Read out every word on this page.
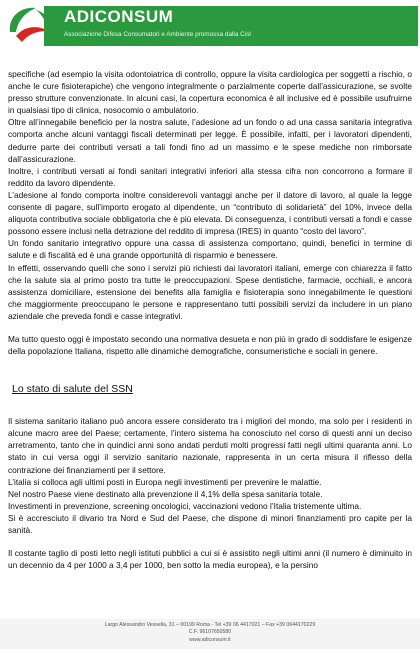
ADICONSUM
Associazione Difesa Consumatori e Ambiente promossa dalla Cisl

specifiche (ad esempio la visita odontoiatrica di controllo, oppure la visita cardiologica per soggetti a rischio, o anche le cure fisioterapiche) che vengono integralmente o parzialmente coperte dall’assicurazione, se svolte presso strutture convenzionate. In alcuni casi, la copertura economica è all inclusive ed è possibile usufruirne in qualsiasi tipo di clinica, nosocomio o ambulatorio.

Oltre all’innegabile beneficio per la nostra salute, l’adesione ad un fondo o ad una cassa sanitaria integrativa comporta anche alcuni vantaggi fiscali determinati per legge. È possibile, infatti, per i lavoratori dipendenti, dedurre parte dei contributi versati a tali fondi fino ad un massimo e le spese mediche non rimborsate dall’assicurazione.

Inoltre, i contributi versati ai fondi sanitari integrativi inferiori alla stessa cifra non concorrono a formare il reddito da lavoro dipendente.

L’adesione al fondo comporta inoltre considerevoli vantaggi anche per il datore di lavoro, al quale la legge consente di pagare, sull’importo erogato al dipendente, un “contributo di solidarietà” del 10%, invece della aliquota contributiva sociale obbligatoria che è più elevata. Di conseguenza, i contributi versati a fondi e casse possono essere inclusi nella detrazione del reddito di impresa (IRES) in quanto “costo del lavoro”.

Un fondo sanitario integrativo oppure una cassa di assistenza comportano, quindi, benefici in termine di salute e di fiscalità ed è una grande opportunità di risparmio e benessere.

In effetti, osservando quelli che sono i servizi più richiesti dai lavoratori italiani, emerge con chiarezza il fatto che la salute sia al primo posto tra tutte le preoccupazioni. Spese dentistiche, farmacie, occhiali, e ancora assistenza domiciliare, estensione dei benefits alla famiglia e fisioterapia sono innegabilmente le questioni che maggiormente preoccupano le persone e rappresentano tutti possibili servizi da includere in un piano aziendale che preveda fondi e casse integrativi.

Ma tutto questo oggi è impostato secondo una normativa desueta e non più in grado di soddisfare le esigenze della popolazione Italiana, rispetto alle dinamiche demografiche, consumeristiche e sociali in genere.

Lo stato di salute del SSN

Il sistema sanitario italiano può ancora essere considerato tra i migliori del mondo, ma solo per i residenti in alcune macro aree del Paese; certamente, l’intero sistema ha conosciuto nel corso di questi anni un deciso arretramento, tanto che in quindici anni sono andati perduti molti progressi fatti negli ultimi quaranta anni. Lo stato in cui versa oggi il servizio sanitario nazionale, rappresenta in un certa misura il riflesso della contrazione dei finanziamenti per il settore.

L’italia si colloca agli ultimi posti in Europa negli investimenti per prevenire le malattie.

Nel nostro Paese viene destinato alla prevenzione il 4,1% della spesa sanitaria totale.

Investimenti in prevenzione, screening oncologici, vaccinazioni vedono l’Italia tristemente ultima.

Si è accresciuto il divario tra Nord e Sud del Paese, che dispone di minori finanziamenti pro capite per la sanità.

Il costante taglio di posti letto negli istituti pubblici a cui si è assistito negli ultimi anni (il numero è diminuito in un decennio da 4 per 1000 a 3,4 per 1000, ben sotto la media europea), e la persino

Largo Alessandro Vessella, 31 – 00199 Roma - Tel +39 06 4417021 – Fax +39 0644170229

C.F. 96107650580

www.adiconsum.it
